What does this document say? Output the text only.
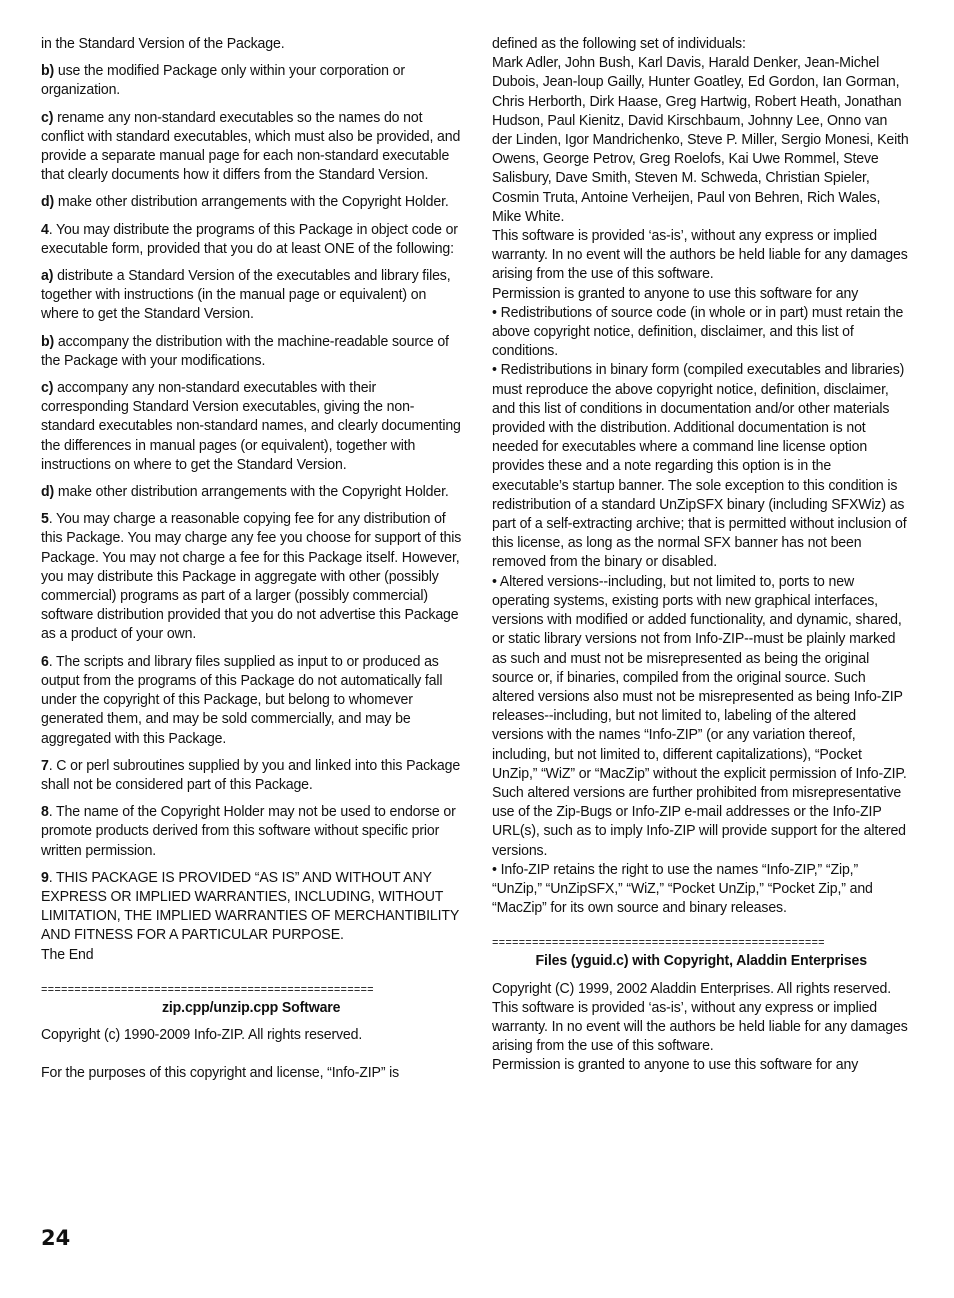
in the Standard Version of the Package.

b) use the modified Package only within your corporation or organization.

c) rename any non-standard executables so the names do not conflict with standard executables, which must also be provided, and provide a separate manual page for each non-standard executable that clearly documents how it differs from the Standard Version.

d) make other distribution arrangements with the Copyright Holder.

4. You may distribute the programs of this Package in object code or executable form, provided that you do at least ONE of the following:

a) distribute a Standard Version of the executables and library files, together with instructions (in the manual page or equivalent) on where to get the Standard Version.

b) accompany the distribution with the machine-readable source of the Package with your modifications.

c) accompany any non-standard executables with their corresponding Standard Version executables, giving the non-standard executables non-standard names, and clearly documenting the differences in manual pages (or equivalent), together with instructions on where to get the Standard Version.

d) make other distribution arrangements with the Copyright Holder.

5. You may charge a reasonable copying fee for any distribution of this Package. You may charge any fee you choose for support of this Package. You may not charge a fee for this Package itself. However, you may distribute this Package in aggregate with other (possibly commercial) programs as part of a larger (possibly commercial) software distribution provided that you do not advertise this Package as a product of your own.

6. The scripts and library files supplied as input to or produced as output from the programs of this Package do not automatically fall under the copyright of this Package, but belong to whomever generated them, and may be sold commercially, and may be aggregated with this Package.

7. C or perl subroutines supplied by you and linked into this Package shall not be considered part of this Package.

8. The name of the Copyright Holder may not be used to endorse or promote products derived from this software without specific prior written permission.

9. THIS PACKAGE IS PROVIDED “AS IS” AND WITHOUT ANY EXPRESS OR IMPLIED WARRANTIES, INCLUDING, WITHOUT LIMITATION, THE IMPLIED WARRANTIES OF MERCHANTIBILITY AND FITNESS FOR A PARTICULAR PURPOSE.

The End

==================================================

zip.cpp/unzip.cpp Software

Copyright (c) 1990-2009 Info-ZIP. All rights reserved.

For the purposes of this copyright and license, “Info-ZIP” is

defined as the following set of individuals:

Mark Adler, John Bush, Karl Davis, Harald Denker, Jean-Michel Dubois, Jean-loup Gailly, Hunter Goatley, Ed Gordon, Ian Gorman, Chris Herborth, Dirk Haase, Greg Hartwig, Robert Heath, Jonathan Hudson, Paul Kienitz, David Kirschbaum, Johnny Lee, Onno van der Linden, Igor Mandrichenko, Steve P. Miller, Sergio Monesi, Keith Owens, George Petrov, Greg Roelofs, Kai Uwe Rommel, Steve Salisbury, Dave Smith, Steven M. Schweda, Christian Spieler, Cosmin Truta, Antoine Verheijen, Paul von Behren, Rich Wales, Mike White.

This software is provided ‘as-is’, without any express or implied warranty. In no event will the authors be held liable for any damages arising from the use of this software.

Permission is granted to anyone to use this software for any

• Redistributions of source code (in whole or in part) must retain the above copyright notice, definition, disclaimer, and this list of conditions.

• Redistributions in binary form (compiled executables and libraries) must reproduce the above copyright notice, definition, disclaimer, and this list of conditions in documentation and/or other materials provided with the distribution. Additional documentation is not needed for executables where a command line license option provides these and a note regarding this option is in the executable’s startup banner. The sole exception to this condition is redistribution of a standard UnZipSFX binary (including SFXWiz) as part of a self-extracting archive; that is permitted without inclusion of this license, as long as the normal SFX banner has not been removed from the binary or disabled.

• Altered versions--including, but not limited to, ports to new operating systems, existing ports with new graphical interfaces, versions with modified or added functionality, and dynamic, shared, or static library versions not from Info-ZIP--must be plainly marked as such and must not be misrepresented as being the original source or, if binaries, compiled from the original source. Such altered versions also must not be misrepresented as being Info-ZIP releases--including, but not limited to, labeling of the altered versions with the names “Info-ZIP” (or any variation thereof, including, but not limited to, different capitalizations), “Pocket UnZip,” “WiZ” or “MacZip” without the explicit permission of Info-ZIP. Such altered versions are further prohibited from misrepresentative use of the Zip-Bugs or Info-ZIP e-mail addresses or the Info-ZIP URL(s), such as to imply Info-ZIP will provide support for the altered versions.

• Info-ZIP retains the right to use the names “Info-ZIP,” “Zip,” “UnZip,” “UnZipSFX,” “WiZ,” “Pocket UnZip,” “Pocket Zip,” and “MacZip” for its own source and binary releases.

==================================================

Files (yguid.c) with Copyright, Aladdin Enterprises

Copyright (C) 1999, 2002 Aladdin Enterprises. All rights reserved.

This software is provided ‘as-is’, without any express or implied warranty. In no event will the authors be held liable for any damages arising from the use of this software.

Permission is granted to anyone to use this software for any

24
